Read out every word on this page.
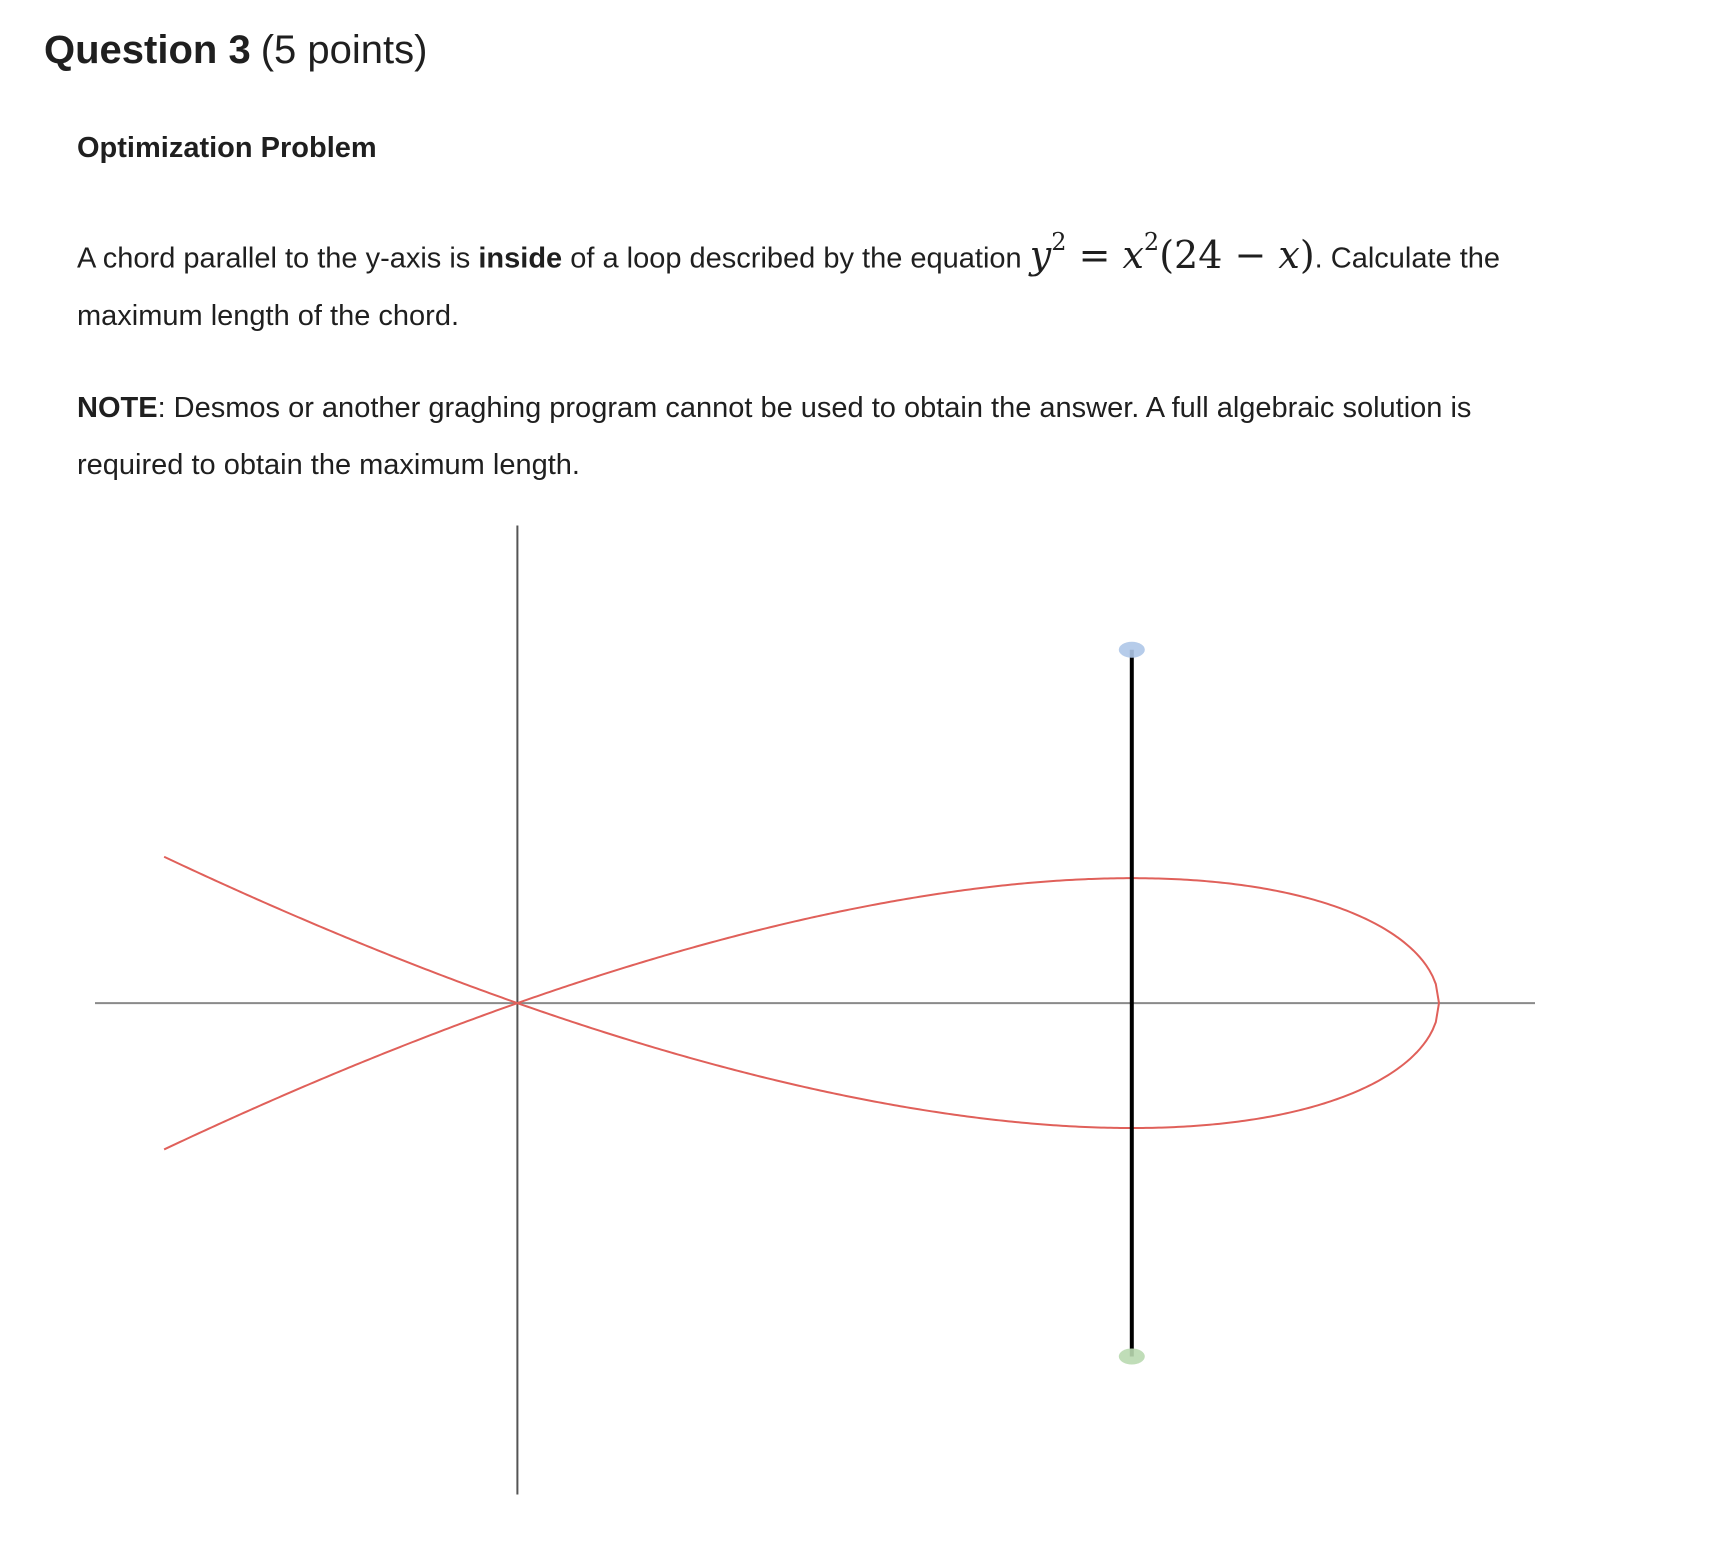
Question 3 (5 points)

Optimization Problem

A chord parallel to the y-axis is inside of a loop described by the equation $y^2 = x^2(24 - x)$. Calculate the maximum length of the chord.

NOTE: Desmos or another graghing program cannot be used to obtain the answer. A full algebraic solution is required to obtain the maximum length.
